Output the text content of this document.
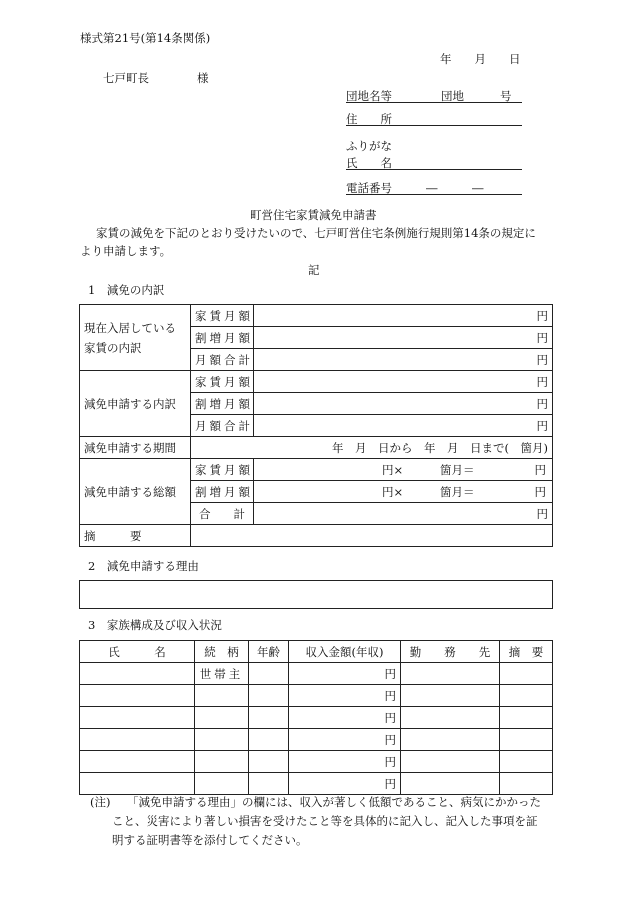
様式第21号(第14条関係)
年　　月　　日
七戸町長	様
団地名等	団地	号
住　　所
ふりがな
氏　　名
電話番号	―　　　―
町営住宅家賃減免申請書
家賃の減免を下記のとおり受けたいので、七戸町営住宅条例施行規則第14条の規定に
より申請します。
記
1　減免の内訳
現在入居している
家賃の内訳	家賃月額	円
	割増月額	円
	月額合計	円
減免申請する内訳	家賃月額	円
	割増月額	円
	月額合計	円
減免申請する期間	年　月　日から　年　月　日まで(　箇月)	
減免申請する総額	家賃月額	円× 箇月＝ 円

	割増月額	円× 箇月＝ 円

	合　　計	円
摘　　　要		
2　減免申請する理由
3　家族構成及び収入状況
氏　　　名	続　柄	年齢	収入金額(年収)	勤　　務　　先	摘　要
	世帯主		円		
			円		
			円		
			円		
			円		
			円		
(注) 「減免申請する理由」の欄には、収入が著しく低額であること、病気にかかった
こと、災害により著しい損害を受けたこと等を具体的に記入し、記入した事項を証
明する証明書等を添付してください。
